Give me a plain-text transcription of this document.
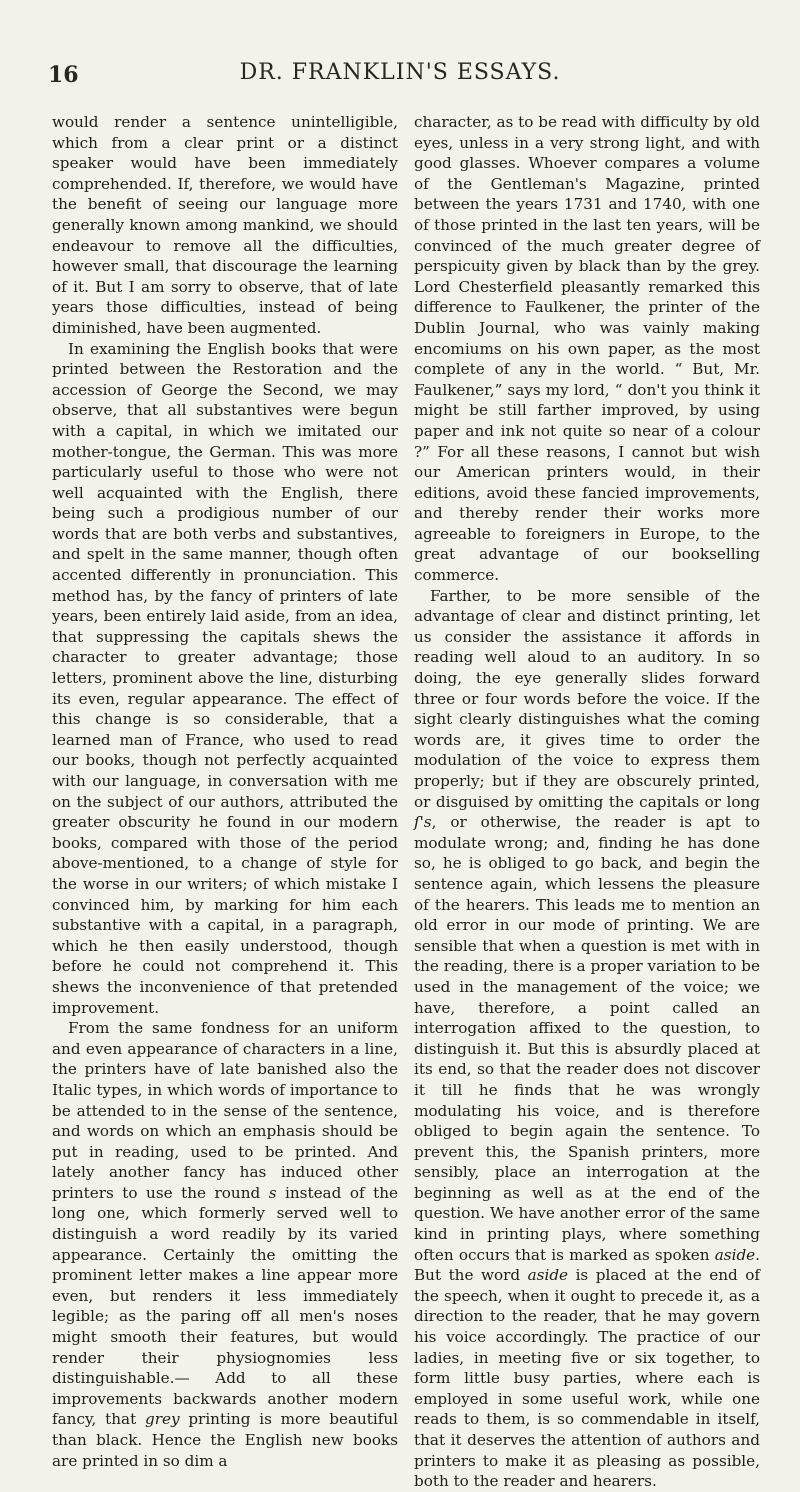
16	DR. FRANKLIN'S ESSAYS.

would render a sentence unintelligible, which from a clear print or a distinct speaker would have been immediately comprehended. If, therefore, we would have the benefit of seeing our language more generally known among mankind, we should endeavour to remove all the difficulties, however small, that discourage the learning of it. But I am sorry to observe, that of late years those difficulties, instead of being diminished, have been augmented.

In examining the English books that were printed between the Restoration and the accession of George the Second, we may observe, that all substantives were begun with a capital, in which we imitated our mother-tongue, the German. This was more particularly useful to those who were not well acquainted with the English, there being such a prodigious number of our words that are both verbs and substantives, and spelt in the same manner, though often accented differently in pronunciation. This method has, by the fancy of printers of late years, been entirely laid aside, from an idea, that suppressing the capitals shews the character to greater advantage; those letters, prominent above the line, disturbing its even, regular appearance. The effect of this change is so considerable, that a learned man of France, who used to read our books, though not perfectly acquainted with our language, in conversation with me on the subject of our authors, attributed the greater obscurity he found in our modern books, compared with those of the period above-mentioned, to a change of style for the worse in our writers; of which mistake I convinced him, by marking for him each substantive with a capital, in a paragraph, which he then easily understood, though before he could not comprehend it. This shews the inconvenience of that pretended improvement.

From the same fondness for an uniform and even appearance of characters in a line, the printers have of late banished also the Italic types, in which words of importance to be attended to in the sense of the sentence, and words on which an emphasis should be put in reading, used to be printed. And lately another fancy has induced other printers to use the round s instead of the long one, which formerly served well to distinguish a word readily by its varied appearance. Certainly the omitting the prominent letter makes a line appear more even, but renders it less immediately legible; as the paring off all men's noses might smooth their features, but would render their physiognomies less distinguishable.— Add to all these improvements backwards another modern fancy, that grey printing is more beautiful than black. Hence the English new books are printed in so dim a

character, as to be read with difficulty by old eyes, unless in a very strong light, and with good glasses. Whoever compares a volume of the Gentleman's Magazine, printed between the years 1731 and 1740, with one of those printed in the last ten years, will be convinced of the much greater degree of perspicuity given by black than by the grey. Lord Chesterfield pleasantly remarked this difference to Faulkener, the printer of the Dublin Journal, who was vainly making encomiums on his own paper, as the most complete of any in the world. “ But, Mr. Faulkener,” says my lord, “ don't you think it might be still farther improved, by using paper and ink not quite so near of a colour ?” For all these reasons, I cannot but wish our American printers would, in their editions, avoid these fancied improvements, and thereby render their works more agreeable to foreigners in Europe, to the great advantage of our bookselling commerce.

Farther, to be more sensible of the advantage of clear and distinct printing, let us consider the assistance it affords in reading well aloud to an auditory. In so doing, the eye generally slides forward three or four words before the voice. If the sight clearly distinguishes what the coming words are, it gives time to order the modulation of the voice to express them properly; but if they are obscurely printed, or disguised by omitting the capitals or long ſ's, or otherwise, the reader is apt to modulate wrong; and, finding he has done so, he is obliged to go back, and begin the sentence again, which lessens the pleasure of the hearers. This leads me to mention an old error in our mode of printing. We are sensible that when a question is met with in the reading, there is a proper variation to be used in the management of the voice; we have, therefore, a point called an interrogation affixed to the question, to distinguish it. But this is absurdly placed at its end, so that the reader does not discover it till he finds that he was wrongly modulating his voice, and is therefore obliged to begin again the sentence. To prevent this, the Spanish printers, more sensibly, place an interrogation at the beginning as well as at the end of the question. We have another error of the same kind in printing plays, where something often occurs that is marked as spoken aside. But the word aside is placed at the end of the speech, when it ought to precede it, as a direction to the reader, that he may govern his voice accordingly. The practice of our ladies, in meeting five or six together, to form little busy parties, where each is employed in some useful work, while one reads to them, is so commendable in itself, that it deserves the attention of authors and printers to make it as pleasing as possible, both to the reader and hearers.
